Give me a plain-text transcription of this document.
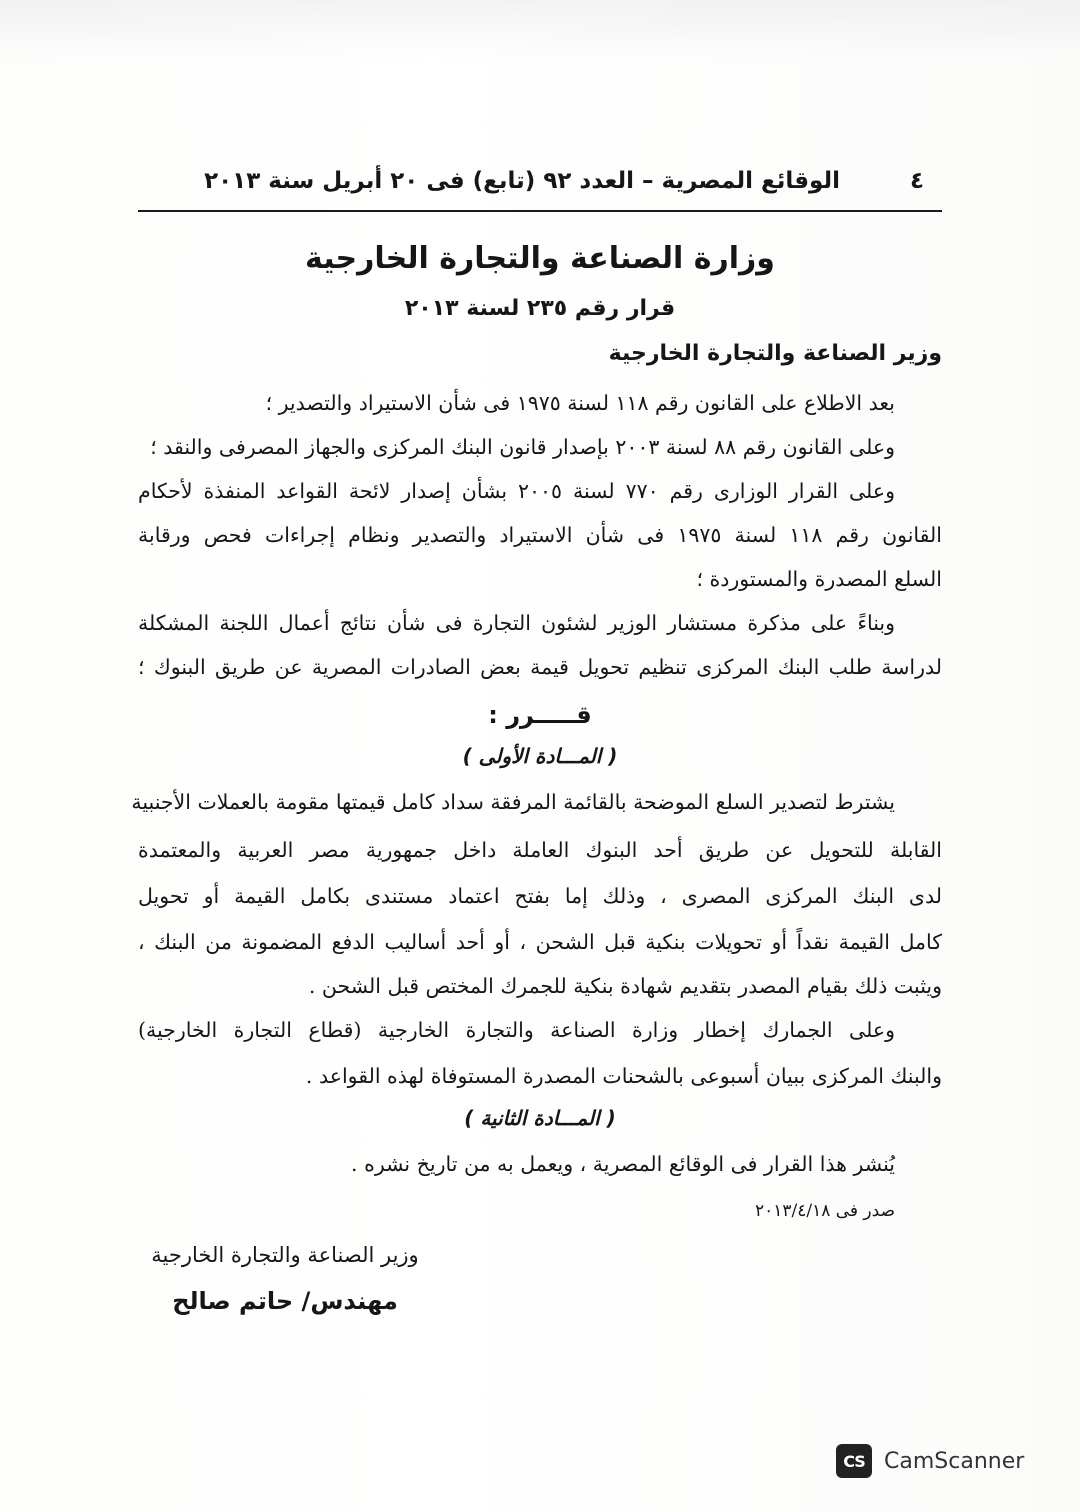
٤
الوقائع المصرية – العدد ٩٢ (تابع) فى ٢٠ أبريل سنة ٢٠١٣
وزارة الصناعة والتجارة الخارجية
قرار رقم ٢٣٥ لسنة ٢٠١٣
وزير الصناعة والتجارة الخارجية
بعد الاطلاع على القانون رقم ١١٨ لسنة ١٩٧٥ فى شأن الاستيراد والتصدير ؛
وعلى القانون رقم ٨٨ لسنة ٢٠٠٣ بإصدار قانون البنك المركزى والجهاز المصرفى والنقد ؛
وعلى القرار الوزارى رقم ٧٧٠ لسنة ٢٠٠٥ بشأن إصدار لائحة القواعد المنفذة لأحكام
القانون رقم ١١٨ لسنة ١٩٧٥ فى شأن الاستيراد والتصدير ونظام إجراءات فحص ورقابة
السلع المصدرة والمستوردة ؛
وبناءً على مذكرة مستشار الوزير لشئون التجارة فى شأن نتائج أعمال اللجنة المشكلة
لدراسة طلب البنك المركزى تنظيم تحويل قيمة بعض الصادرات المصرية عن طريق البنوك ؛
قـــــرر :
( المـــادة الأولى )
يشترط لتصدير السلع الموضحة بالقائمة المرفقة سداد كامل قيمتها مقومة بالعملات الأجنبية
القابلة للتحويل عن طريق أحد البنوك العاملة داخل جمهورية مصر العربية والمعتمدة
لدى البنك المركزى المصرى ، وذلك إما بفتح اعتماد مستندى بكامل القيمة أو تحويل
كامل القيمة نقداً أو تحويلات بنكية قبل الشحن ، أو أحد أساليب الدفع المضمونة من البنك ،
ويثبت ذلك بقيام المصدر بتقديم شهادة بنكية للجمرك المختص قبل الشحن .
وعلى الجمارك إخطار وزارة الصناعة والتجارة الخارجية (قطاع التجارة الخارجية)
والبنك المركزى ببيان أسبوعى بالشحنات المصدرة المستوفاة لهذه القواعد .
( المـــادة الثانية )
يُنشر هذا القرار فى الوقائع المصرية ، ويعمل به من تاريخ نشره .
صدر فى ٢٠١٣/٤/١٨
وزير الصناعة والتجارة الخارجية
مهندس/ حاتم صالح
CS CamScanner
